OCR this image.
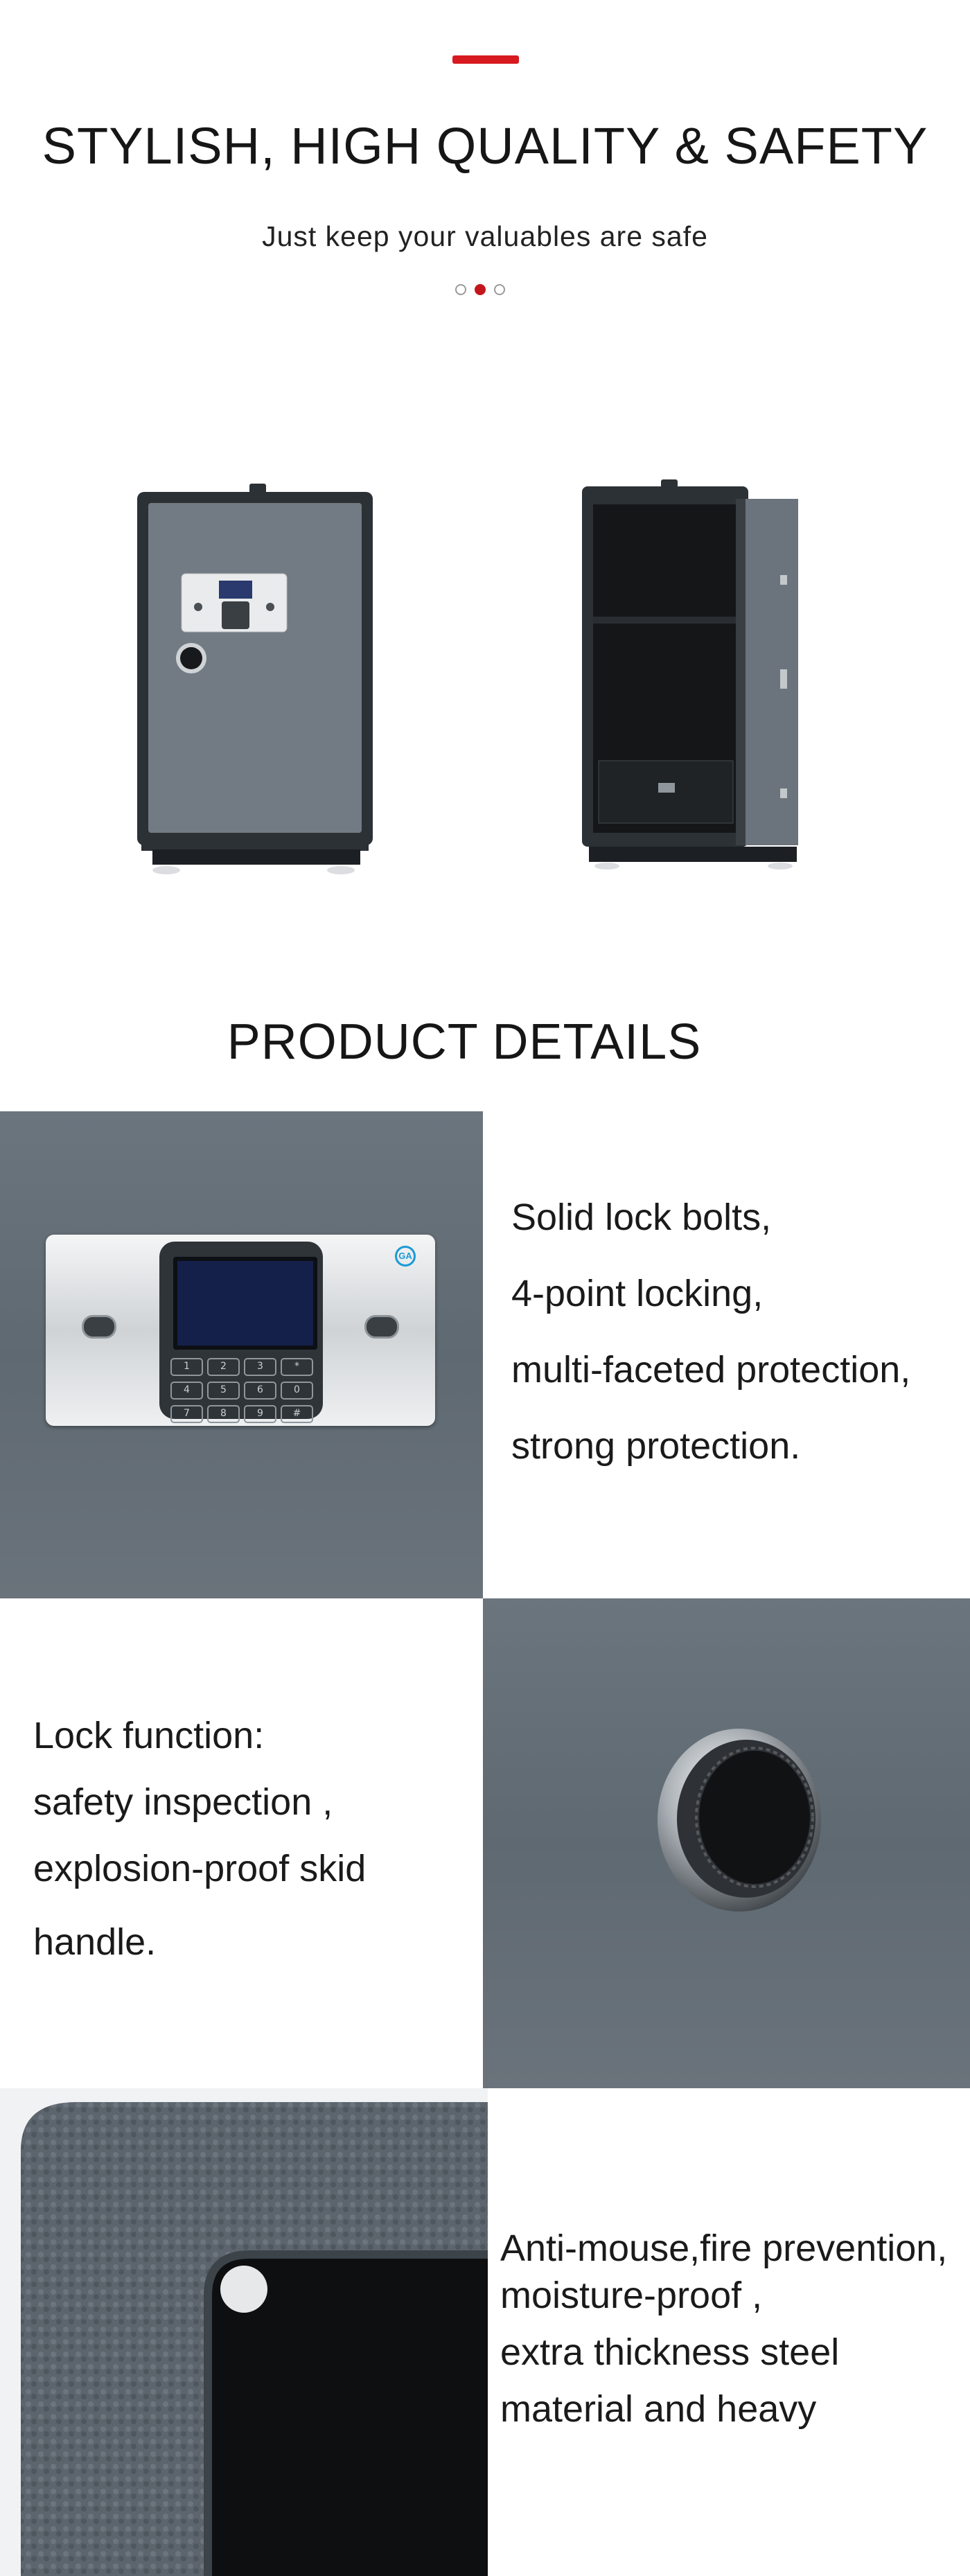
STYLISH, HIGH QUALITY & SAFETY
Just keep your valuables are safe
PRODUCT DETAILS
GA
1	2	3	*
4	5	6	0
7	8	9	#
Solid lock bolts,
4-point locking,
multi-faceted protection,
strong protection.
Lock function:
safety inspection ,
explosion-proof skid
handle.
Anti-mouse,fire prevention,
moisture-proof ,
extra thickness steel
material and heavy
